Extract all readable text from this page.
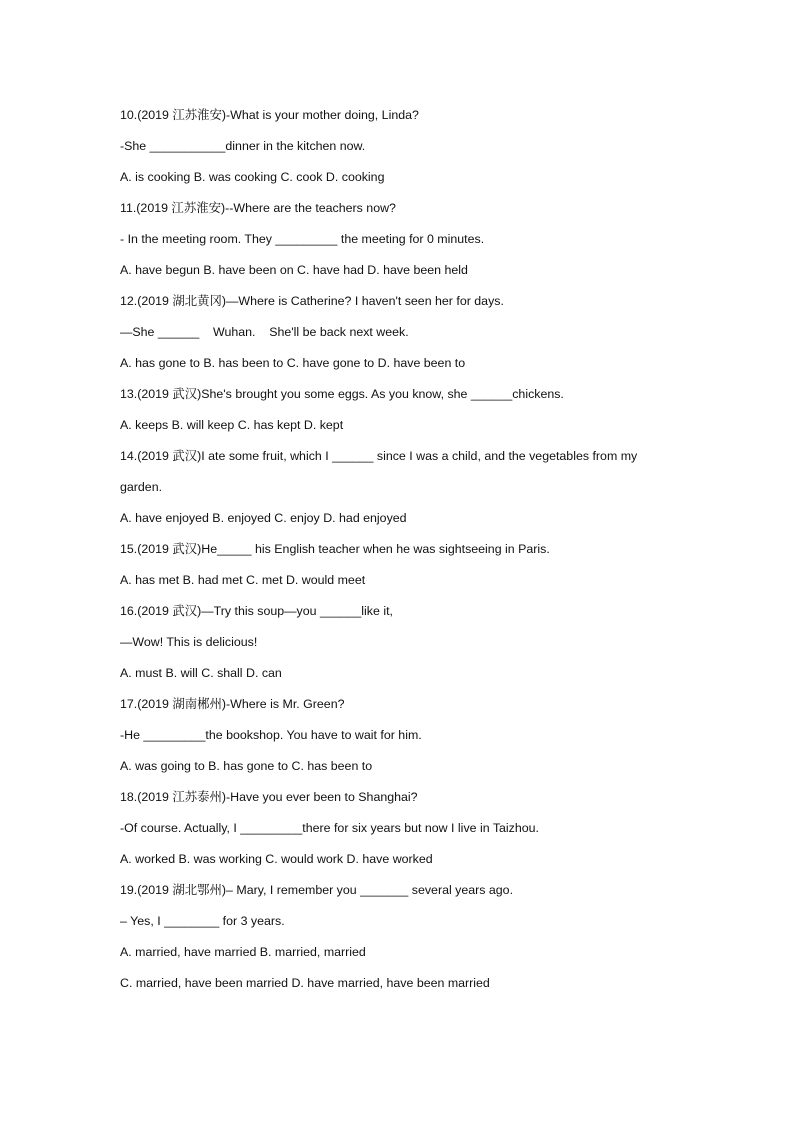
10.(2019 江苏淮安)-What is your mother doing, Linda?
-She ___________dinner in the kitchen now.
A. is cooking B. was cooking C. cook D. cooking
11.(2019 江苏淮安)--Where are the teachers now?
- In the meeting room. They _________ the meeting for 0 minutes.
A. have begun B. have been on C. have had D. have been held
12.(2019 湖北黄冈)—Where is Catherine? I haven't seen her for days.
—She ______    Wuhan.    She'll be back next week.
A. has gone to B. has been to C. have gone to D. have been to
13.(2019 武汉)She's brought you some eggs. As you know, she ______chickens.
A. keeps B. will keep C. has kept D. kept
14.(2019 武汉)I ate some fruit, which I ______ since I was a child, and the vegetables from my
garden.
A. have enjoyed B. enjoyed C. enjoy D. had enjoyed
15.(2019 武汉)He_____ his English teacher when he was sightseeing in Paris.
A. has met B. had met C. met D. would meet
16.(2019 武汉)—Try this soup—you ______like it,
—Wow! This is delicious!
A. must B. will C. shall D. can
17.(2019 湖南郴州)-Where is Mr. Green?
-He _________the bookshop. You have to wait for him.
A. was going to B. has gone to C. has been to
18.(2019 江苏泰州)-Have you ever been to Shanghai?
-Of course. Actually, I _________there for six years but now I live in Taizhou.
A. worked B. was working C. would work D. have worked
19.(2019 湖北鄂州)– Mary, I remember you _______ several years ago.
– Yes, I ________ for 3 years.
A. married, have married B. married, married
C. married, have been married D. have married, have been married
